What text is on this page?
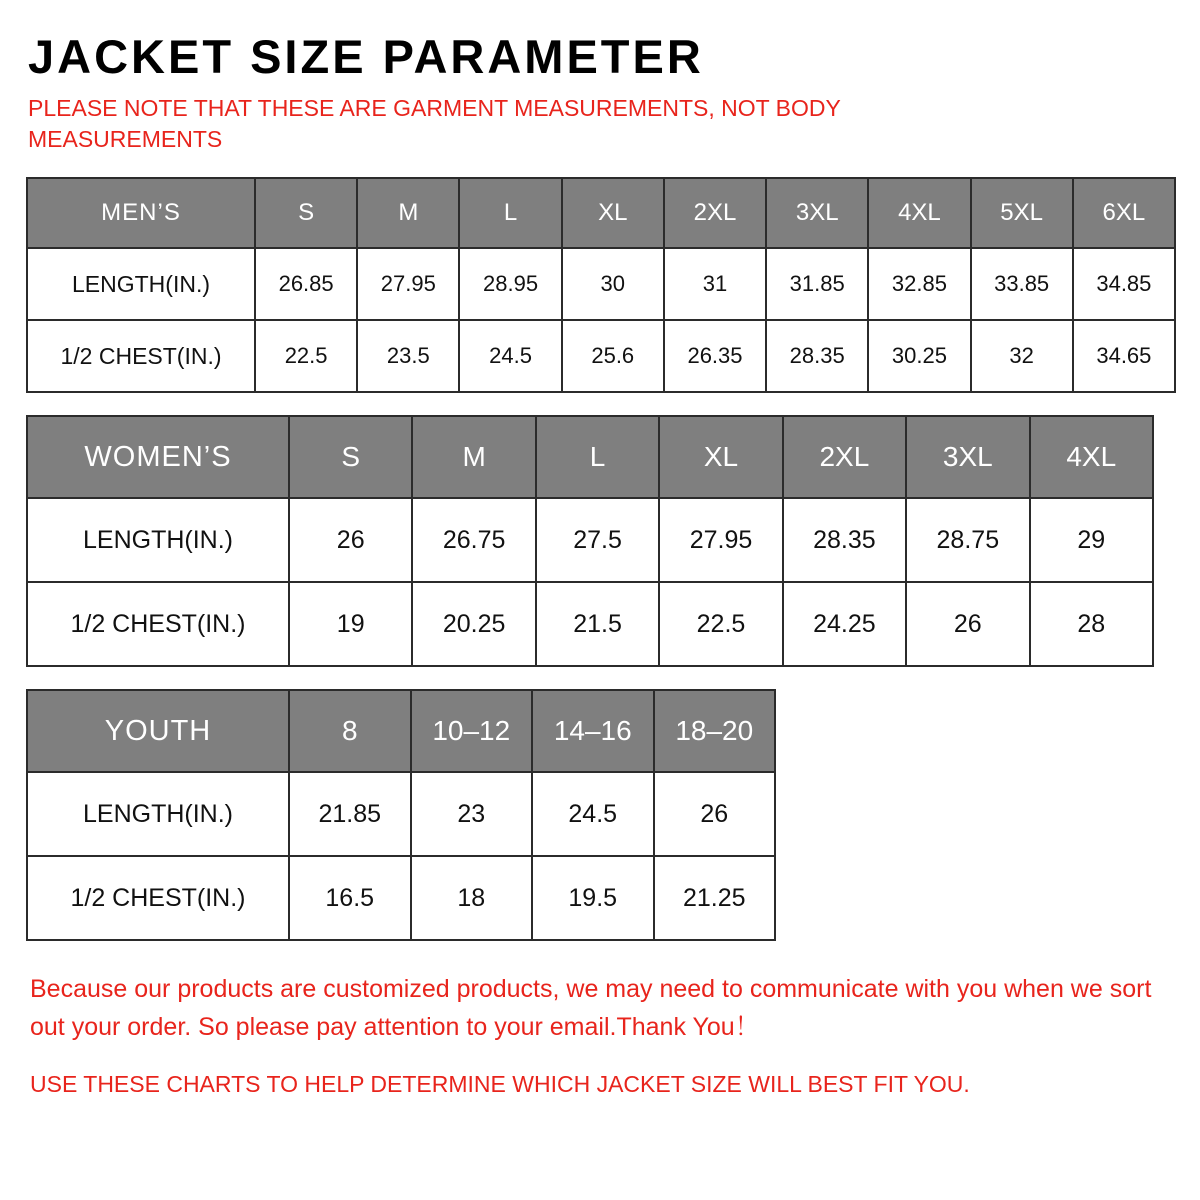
JACKET SIZE PARAMETER
PLEASE NOTE THAT THESE ARE GARMENT MEASUREMENTS, NOT BODY MEASUREMENTS
MEN’S	S	M	L	XL	2XL	3XL	4XL	5XL	6XL
LENGTH(IN.)	26.85	27.95	28.95	30	31	31.85	32.85	33.85	34.85
1/2 CHEST(IN.)	22.5	23.5	24.5	25.6	26.35	28.35	30.25	32	34.65
WOMEN’S	S	M	L	XL	2XL	3XL	4XL
LENGTH(IN.)	26	26.75	27.5	27.95	28.35	28.75	29
1/2 CHEST(IN.)	19	20.25	21.5	22.5	24.25	26	28
YOUTH	8	10–12	14–16	18–20
LENGTH(IN.)	21.85	23	24.5	26
1/2 CHEST(IN.)	16.5	18	19.5	21.25
Because our products are customized products, we may need to communicate with you when we sort out your order. So please pay attention to your email.Thank You！
USE THESE CHARTS TO HELP DETERMINE WHICH JACKET SIZE WILL BEST FIT YOU.
